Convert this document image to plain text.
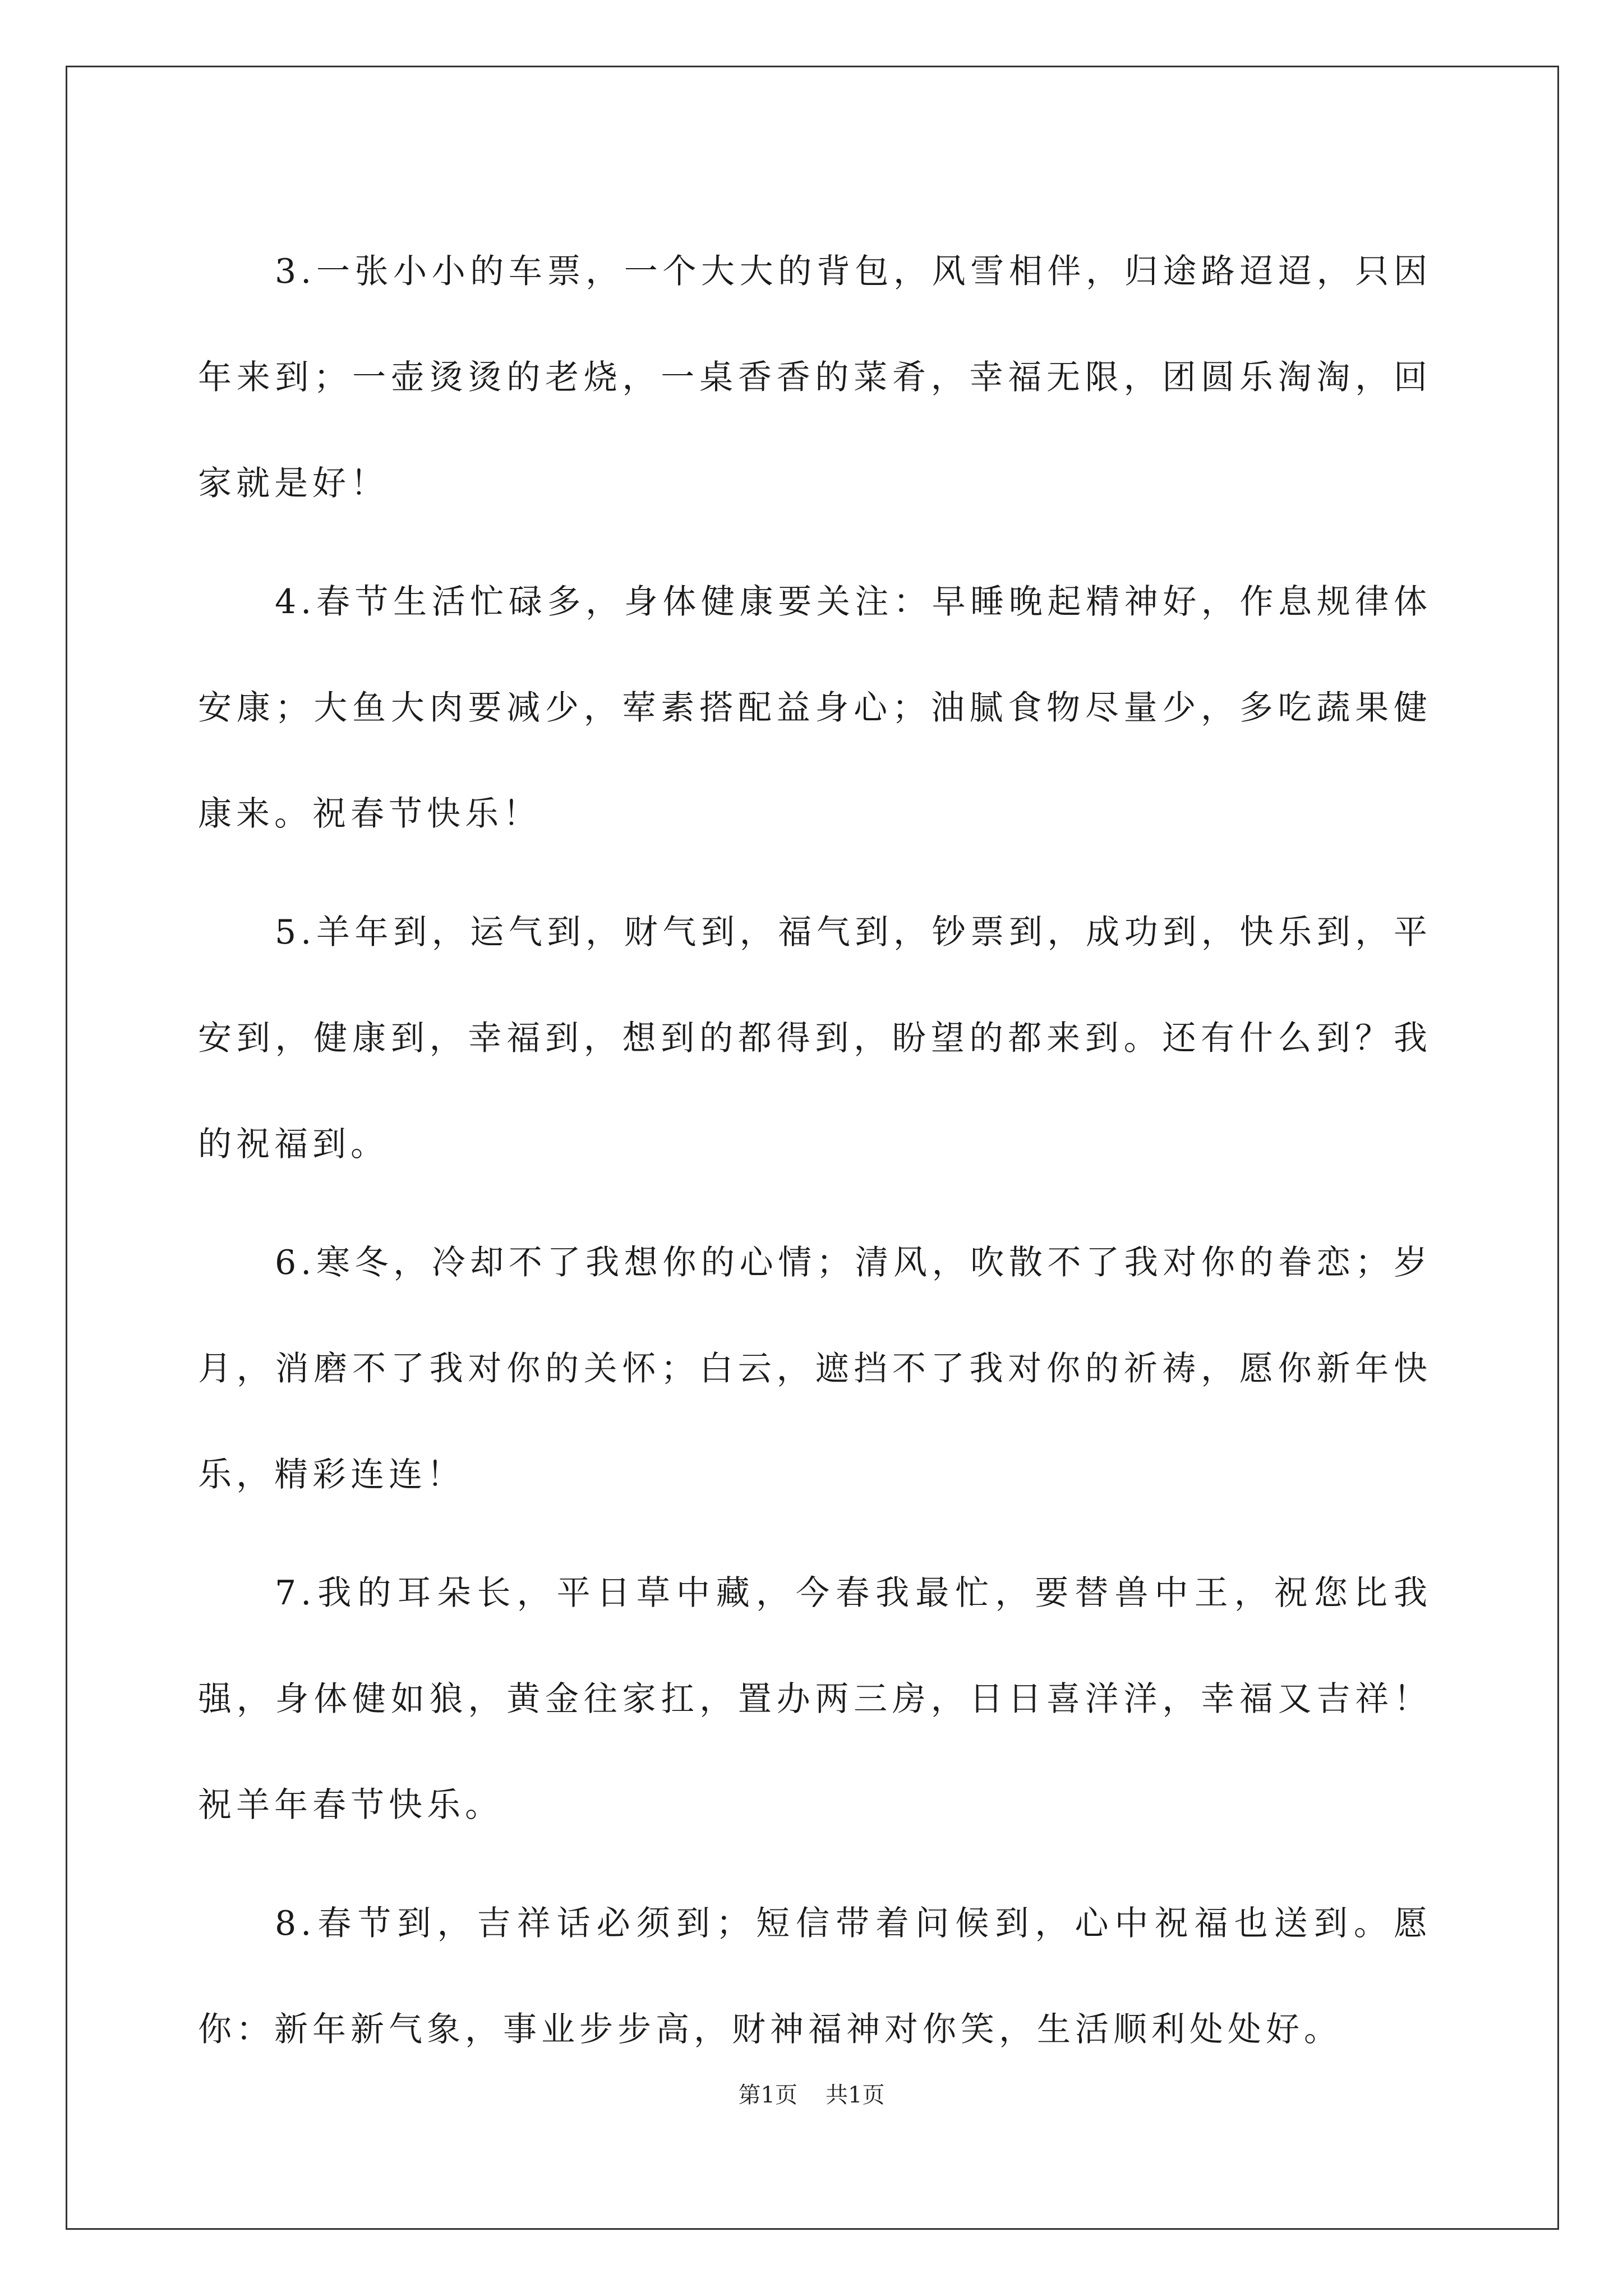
3.一张小小的车票，一个大大的背包，风雪相伴，归途路迢迢，只因年来到；一壶烫烫的老烧，一桌香香的菜肴，幸福无限，团圆乐淘淘，回家就是好！

4.春节生活忙碌多，身体健康要关注：早睡晚起精神好，作息规律体安康；大鱼大肉要减少，荤素搭配益身心；油腻食物尽量少，多吃蔬果健康来。祝春节快乐！

5.羊年到，运气到，财气到，福气到，钞票到，成功到，快乐到，平安到，健康到，幸福到，想到的都得到，盼望的都来到。还有什么到？我的祝福到。

6.寒冬，冷却不了我想你的心情；清风，吹散不了我对你的眷恋；岁月，消磨不了我对你的关怀；白云，遮挡不了我对你的祈祷，愿你新年快乐，精彩连连！

7.我的耳朵长，平日草中藏，今春我最忙，要替兽中王，祝您比我强，身体健如狼，黄金往家扛，置办两三房，日日喜洋洋，幸福又吉祥！祝羊年春节快乐。

8.春节到，吉祥话必须到；短信带着问候到，心中祝福也送到。愿你：新年新气象，事业步步高，财神福神对你笑，生活顺利处处好。

第1页 共1页
